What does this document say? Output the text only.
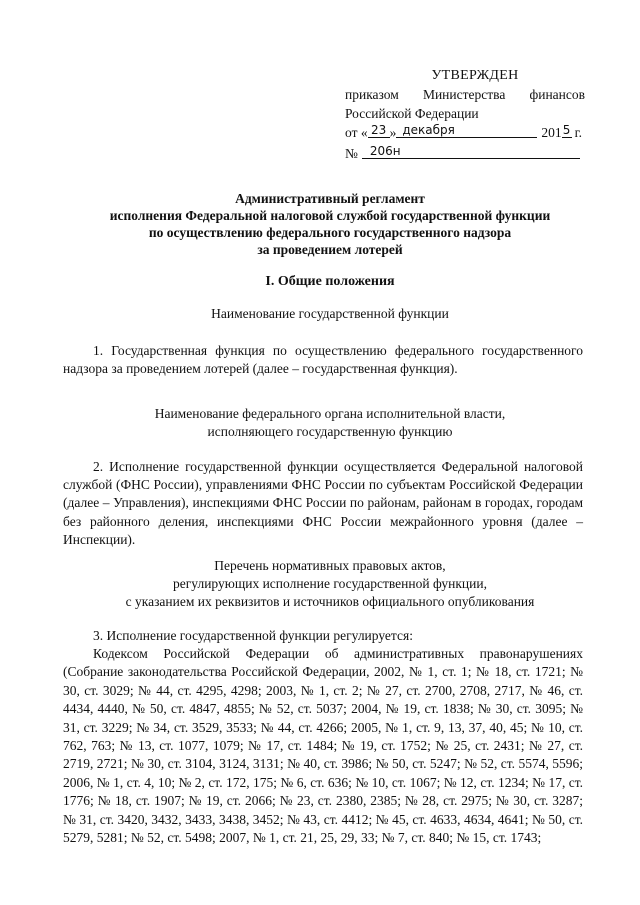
УТВЕРЖДЕН
приказом Министерства финансов
Российской Федерации
от « 23 » декабря	201 5 г.
№	206н
Административный регламент
исполнения Федеральной налоговой службой государственной функции
по осуществлению федерального государственного надзора
за проведением лотерей
I. Общие положения
Наименование государственной функции
1. Государственная функция по осуществлению федерального государственного надзора за проведением лотерей (далее – государственная функция).
Наименование федерального органа исполнительной власти,
исполняющего государственную функцию
2. Исполнение государственной функции осуществляется Федеральной налоговой службой (ФНС России), управлениями ФНС России по субъектам Российской Федерации (далее – Управления), инспекциями ФНС России по районам, районам в городах, городам без районного деления, инспекциями ФНС России межрайонного уровня (далее – Инспекции).
Перечень нормативных правовых актов,
регулирующих исполнение государственной функции,
с указанием их реквизитов и источников официального опубликования
3. Исполнение государственной функции регулируется:
Кодексом Российской Федерации об административных правонарушениях (Собрание законодательства Российской Федерации, 2002, № 1, ст. 1; № 18, ст. 1721; № 30, ст. 3029; № 44, ст. 4295, 4298; 2003, № 1, ст. 2; № 27, ст. 2700, 2708, 2717, № 46, ст. 4434, 4440, № 50, ст. 4847, 4855; № 52, ст. 5037; 2004, № 19, ст. 1838; № 30, ст. 3095; № 31, ст. 3229; № 34, ст. 3529, 3533; № 44, ст. 4266; 2005, № 1, ст. 9, 13, 37, 40, 45; № 10, ст. 762, 763; № 13, ст. 1077, 1079; № 17, ст. 1484; № 19, ст. 1752; № 25, ст. 2431; № 27, ст. 2719, 2721; № 30, ст. 3104, 3124, 3131; № 40, ст. 3986; № 50, ст. 5247; № 52, ст. 5574, 5596; 2006, № 1, ст. 4, 10; № 2, ст. 172, 175; № 6, ст. 636; № 10, ст. 1067; № 12, ст. 1234; № 17, ст. 1776; № 18, ст. 1907; № 19, ст. 2066; № 23, ст. 2380, 2385; № 28, ст. 2975; № 30, ст. 3287; № 31, ст. 3420, 3432, 3433, 3438, 3452; № 43, ст. 4412; № 45, ст. 4633, 4634, 4641; № 50, ст. 5279, 5281; № 52, ст. 5498; 2007, № 1, ст. 21, 25, 29, 33; № 7, ст. 840; № 15, ст. 1743;
